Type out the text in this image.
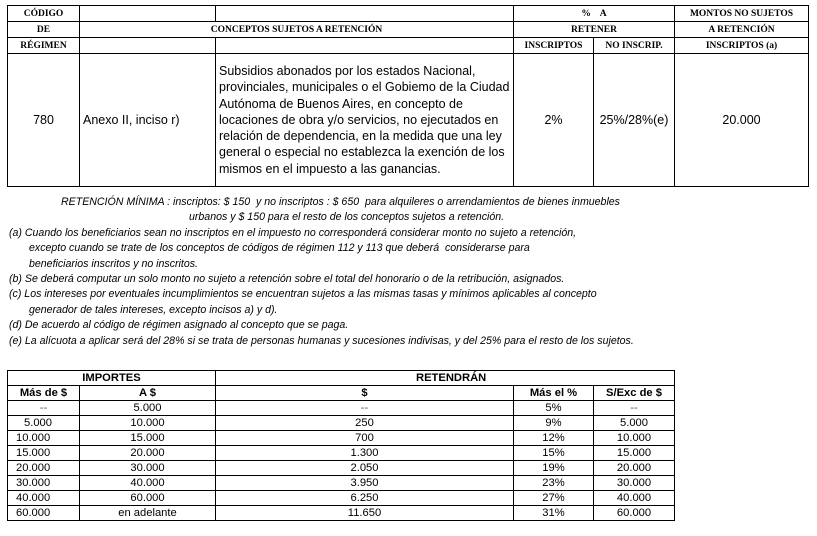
CÓDIGO			%    A		MONTOS NO SUJETOS
DE	CONCEPTOS SUJETOS A RETENCIÓN		RETENER		A RETENCIÓN
RÉGIMEN			INSCRIPTOS	NO INSCRIP.	INSCRIPTOS (a)
780	Anexo II, inciso r)	Subsidios abonados por los estados Nacional, provinciales, municipales o el Gobiemo de la Ciudad Autónoma de Buenos Aires, en concepto de locaciones de obra y/o servicios, no ejecutados en relación de dependencia, en la medida que una ley general o especial no establezca la exención de los mismos en el impuesto a las ganancias.	2%	25%/28%(e)	20.000
RETENCIÓN MÍNIMA : inscriptos: $ 150  y no inscriptos : $ 650  para alquileres o arrendamientos de bienes inmuebles
urbanos y $ 150 para el resto de los conceptos sujetos a retención.
(a) Cuando los beneficiarios sean no inscriptos en el impuesto no corresponderá considerar monto no sujeto a retención,
excepto cuando se trate de los conceptos de códigos de régimen 112 y 113 que deberá  considerarse para
beneficiarios inscritos y no inscritos.
(b) Se deberá computar un solo monto no sujeto a retención sobre el total del honorario o de la retribución, asignados.
(c) Los intereses por eventuales incumplimientos se encuentran sujetos a las mismas tasas y mínimos aplicables al concepto
generador de tales intereses, excepto incisos a) y d).
(d) De acuerdo al código de régimen asignado al concepto que se paga.
(e) La alícuota a aplicar será del 28% si se trata de personas humanas y sucesiones indivisas, y del 25% para el resto de los sujetos.
IMPORTES		RETENDRÁN		
Más de $	A $	$	Más el %	S/Exc de $
--	5.000	--	5%	--
5.000	10.000	250	9%	5.000
10.000	15.000	700	12%	10.000
15.000	20.000	1.300	15%	15.000
20.000	30.000	2.050	19%	20.000
30.000	40.000	3.950	23%	30.000
40.000	60.000	6.250	27%	40.000
60.000	en adelante	11.650	31%	60.000
